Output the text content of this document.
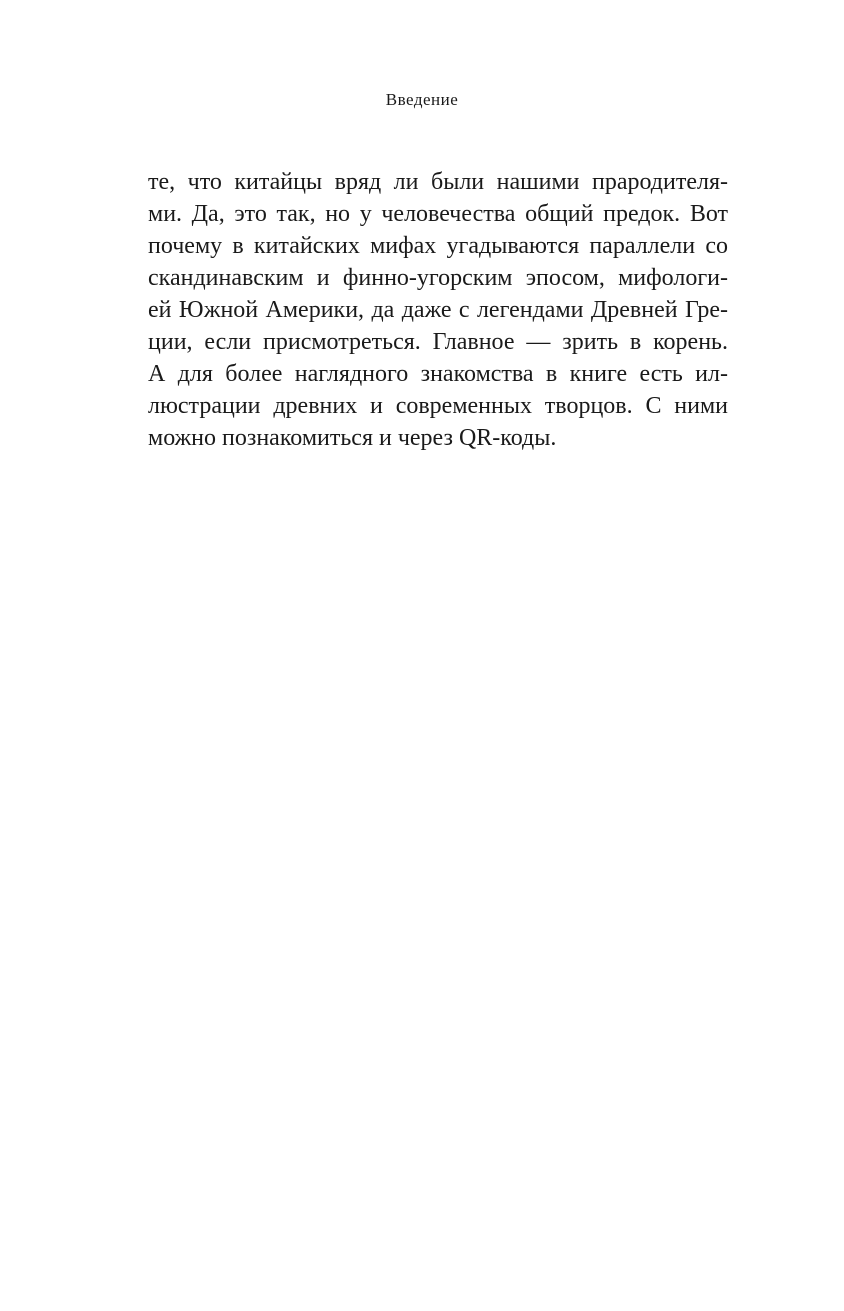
Введение
те, что китайцы вряд ли были нашими прародителя-
ми. Да, это так, но у человечества общий предок. Вот
почему в китайских мифах угадываются параллели со
скандинавским и финно-угорским эпосом, мифологи-
ей Южной Америки, да даже с легендами Древней Гре-
ции, если присмотреться. Главное — зрить в корень.
А для более наглядного знакомства в книге есть ил-
люстрации древних и современных творцов. С ними
можно познакомиться и через QR-коды.
